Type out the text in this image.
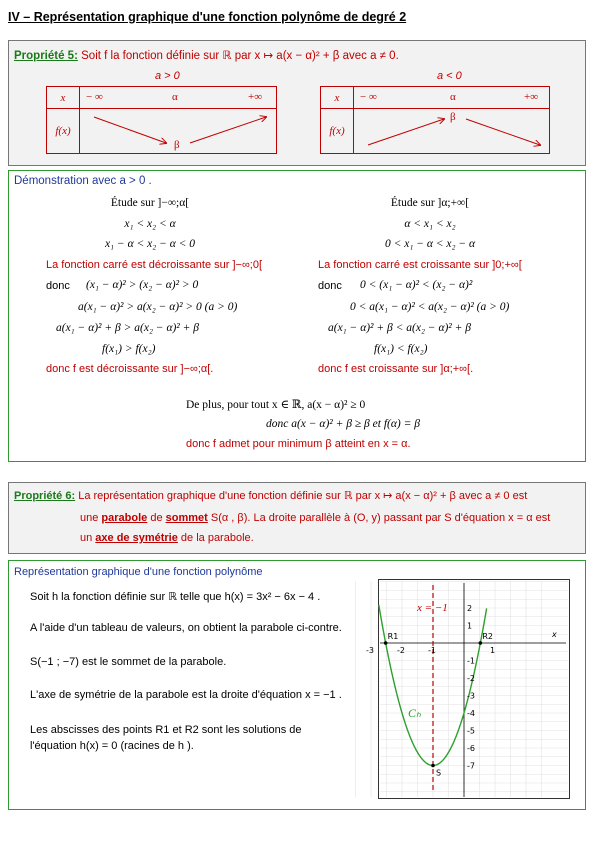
IV – Représentation graphique d'une fonction polynôme de degré 2
Propriété 5: Soit f la fonction définie sur ℝ par x ↦ a(x − α)² + β avec a ≠ 0.
a > 0	a < 0
x	− ∞ α +∞

f(x)	β
x	− ∞ α +∞

f(x)	β
Démonstration avec a > 0 .
Étude sur ]−∞;α[
x₁ < x₂ < α
x₁ − α < x₂ − α < 0
La fonction carré est décroissante sur ]−∞;0[
donc (x₁ − α)² > (x₂ − α)² > 0
a(x₁ − α)² > a(x₂ − α)² > 0 (a > 0)
a(x₁ − α)² + β > a(x₂ − α)² + β
f(x₁) > f(x₂)
donc f est décroissante sur ]−∞;α[.
Étude sur ]α;+∞[
α < x₁ < x₂
0 < x₁ − α < x₂ − α
La fonction carré est croissante sur ]0;+∞[
donc 0 < (x₁ − α)² < (x₂ − α)²
0 < a(x₁ − α)² < a(x₂ − α)² (a > 0)
a(x₁ − α)² + β < a(x₂ − α)² + β
f(x₁) < f(x₂)
donc f est croissante sur ]α;+∞[.
De plus, pour tout x ∈ ℝ, a(x − α)² ≥ 0
donc a(x − α)² + β ≥ β et f(α) = β
donc f admet pour minimum β atteint en x = α.
Propriété 6: La représentation graphique d'une fonction définie sur ℝ par x ↦ a(x − α)² + β avec a ≠ 0 est
une parabole de sommet S(α , β). La droite parallèle à (O, y) passant par S d'équation x = α est
un axe de symétrie de la parabole.
Représentation graphique d'une fonction polynôme
Soit h la fonction définie sur ℝ telle que h(x) = 3x² − 6x − 4 .
A l'aide d'un tableau de valeurs, on obtient la parabole ci-contre.
S(−1 ; −7) est le sommet de la parabole.
L'axe de symétrie de la parabole est la droite d'équation x = −1 .
Les abscisses des points R1 et R2 sont les solutions de
l'équation h(x) = 0 (racines de h ).
-3	-2	-1	1
2
1
-1
-2
-3
-4
-5
-6
-7
x = −1
Cₕ
R1	R2
S
x
